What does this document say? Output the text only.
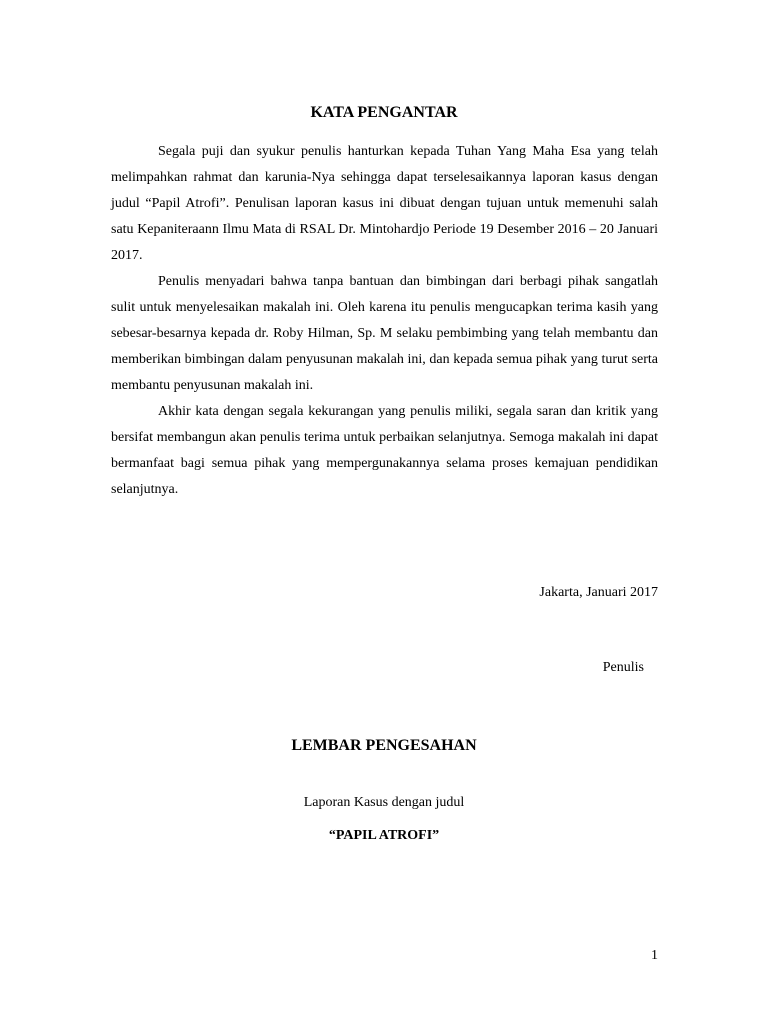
KATA PENGANTAR

Segala puji dan syukur penulis hanturkan kepada Tuhan Yang Maha Esa yang telah melimpahkan rahmat dan karunia-Nya sehingga dapat terselesaikannya laporan kasus dengan judul “Papil Atrofi”. Penulisan laporan kasus ini dibuat dengan tujuan untuk memenuhi salah satu Kepaniteraann Ilmu Mata di RSAL Dr. Mintohardjo Periode 19 Desember 2016 – 20 Januari 2017.

Penulis menyadari bahwa tanpa bantuan dan bimbingan dari berbagi pihak sangatlah sulit untuk menyelesaikan makalah ini. Oleh karena itu penulis mengucapkan terima kasih yang sebesar-besarnya kepada dr. Roby Hilman, Sp. M selaku pembimbing yang telah membantu dan memberikan bimbingan dalam penyusunan makalah ini, dan kepada semua pihak yang turut serta membantu penyusunan makalah ini.

Akhir kata dengan segala kekurangan yang penulis miliki, segala saran dan kritik yang bersifat membangun akan penulis terima untuk perbaikan selanjutnya. Semoga makalah ini dapat bermanfaat bagi semua pihak yang mempergunakannya selama proses kemajuan pendidikan selanjutnya.

Jakarta, Januari 2017

Penulis

LEMBAR PENGESAHAN

Laporan Kasus dengan judul

“PAPIL ATROFI”

1
